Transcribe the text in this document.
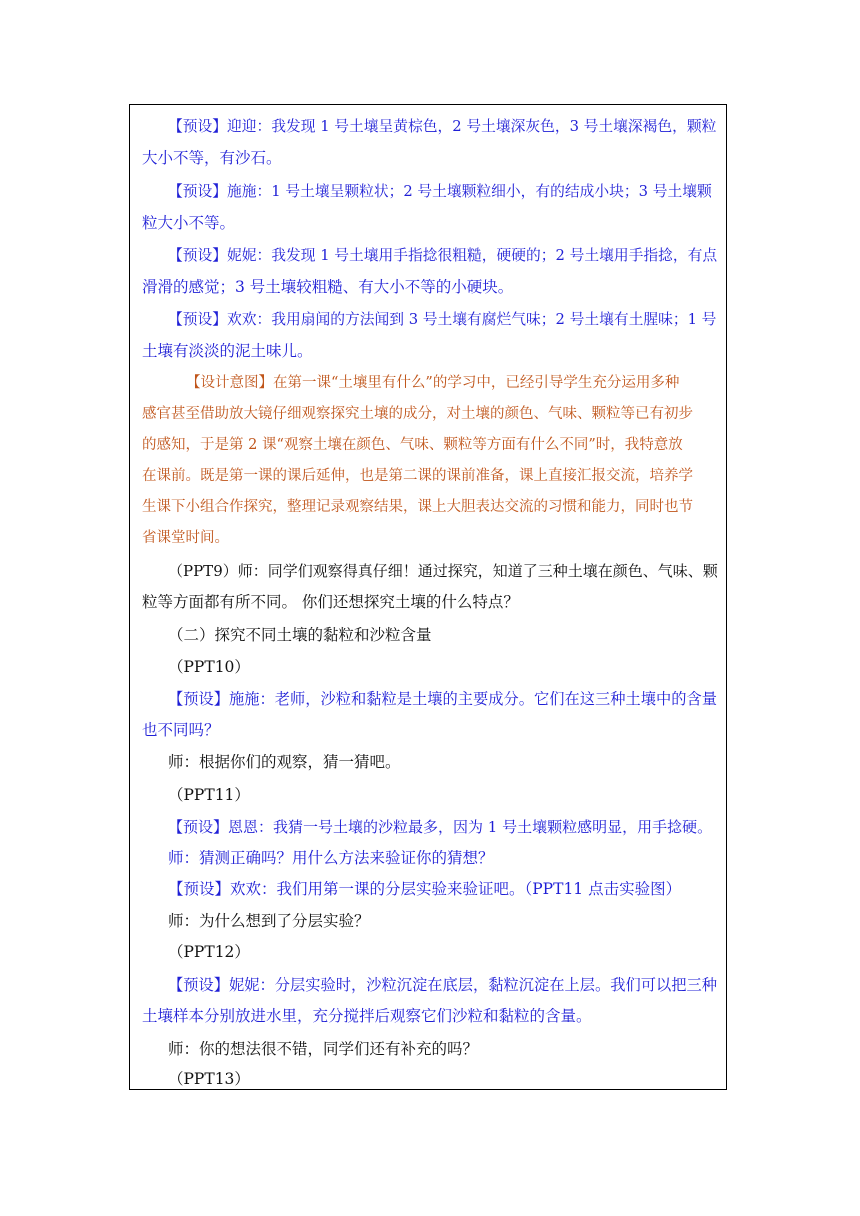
【预设】迎迎：我发现 1 号土壤呈黄棕色，2 号土壤深灰色，3 号土壤深褐色，颗粒
大小不等，有沙石。
【预设】施施：1 号土壤呈颗粒状；2 号土壤颗粒细小，有的结成小块；3 号土壤颗
粒大小不等。
【预设】妮妮：我发现 1 号土壤用手指捻很粗糙，硬硬的；2 号土壤用手指捻，有点
滑滑的感觉；3 号土壤较粗糙、有大小不等的小硬块。
【预设】欢欢：我用扇闻的方法闻到 3 号土壤有腐烂气味；2 号土壤有土腥味；1 号
土壤有淡淡的泥土味儿。
【设计意图】在第一课“土壤里有什么”的学习中，已经引导学生充分运用多种
感官甚至借助放大镜仔细观察探究土壤的成分，对土壤的颜色、气味、颗粒等已有初步
的感知，于是第 2 课“观察土壤在颜色、气味、颗粒等方面有什么不同”时，我特意放
在课前。既是第一课的课后延伸，也是第二课的课前准备，课上直接汇报交流，培养学
生课下小组合作探究，整理记录观察结果，课上大胆表达交流的习惯和能力，同时也节
省课堂时间。
（PPT9）师：同学们观察得真仔细！通过探究，知道了三种土壤在颜色、气味、颗
粒等方面都有所不同。 你们还想探究土壤的什么特点？
（二）探究不同土壤的黏粒和沙粒含量
（PPT10）
【预设】施施：老师，沙粒和黏粒是土壤的主要成分。它们在这三种土壤中的含量
也不同吗？
师：根据你们的观察，猜一猜吧。
（PPT11）
【预设】恩恩：我猜一号土壤的沙粒最多，因为 1 号土壤颗粒感明显，用手捻硬。
师：猜测正确吗？用什么方法来验证你的猜想？
【预设】欢欢：我们用第一课的分层实验来验证吧。（PPT11 点击实验图）
师：为什么想到了分层实验？
（PPT12）
【预设】妮妮：分层实验时，沙粒沉淀在底层，黏粒沉淀在上层。我们可以把三种
土壤样本分别放进水里，充分搅拌后观察它们沙粒和黏粒的含量。
师：你的想法很不错，同学们还有补充的吗？
（PPT13）
